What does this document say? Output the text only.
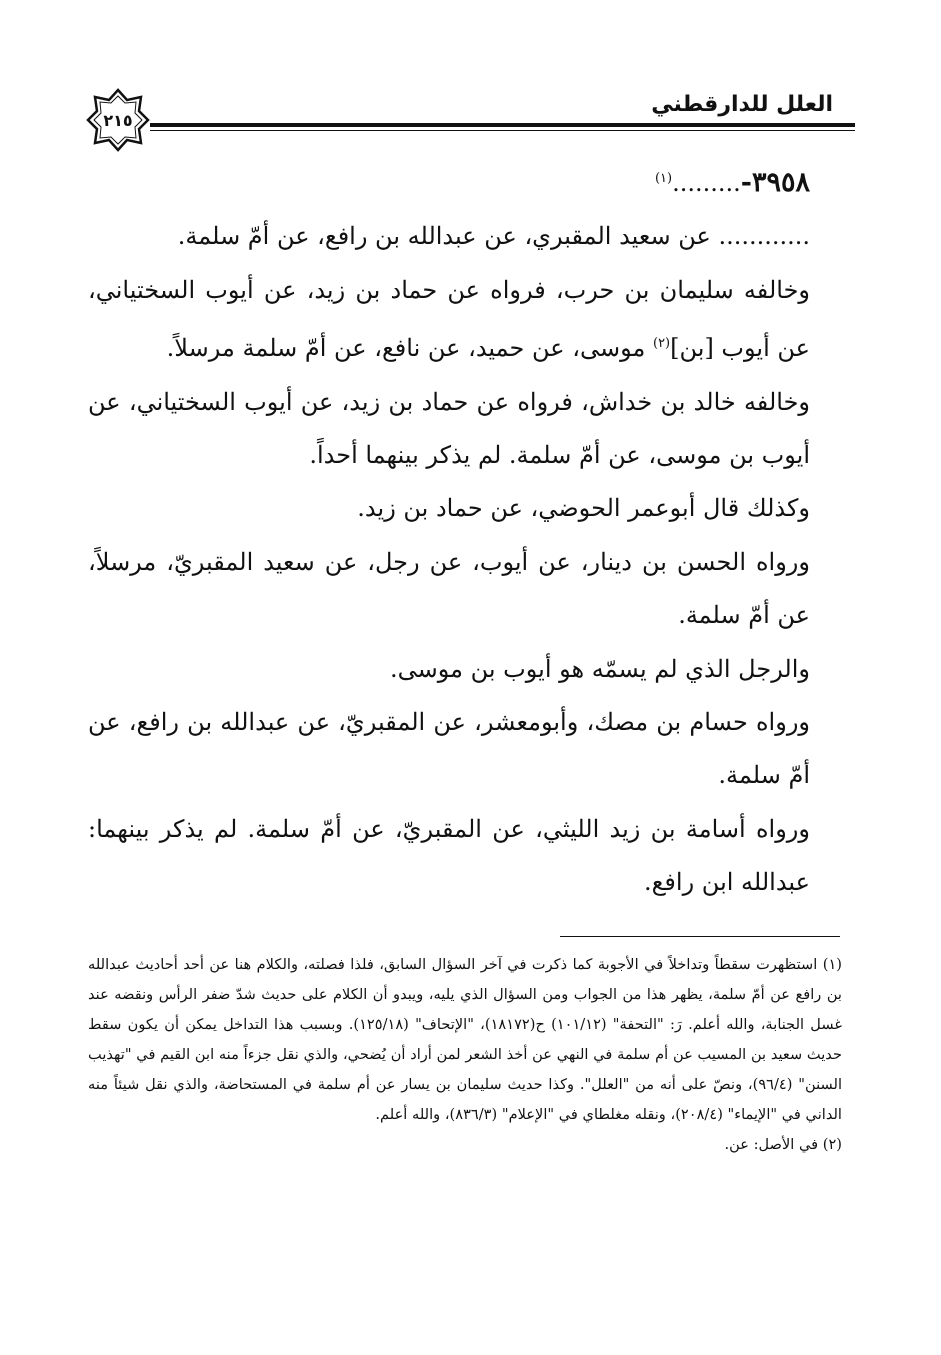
العلل للدارقطني
٢١٥

٣٩٥٨-.........$^{(١)}$

............ عن سعيد المقبري، عن عبدالله بن رافع، عن أمّ سلمة.

وخالفه سليمان بن حرب، فرواه عن حماد بن زيد، عن أيوب السختياني، عن أيوب [بن]$^{(٢)}$ موسى، عن حميد، عن نافع، عن أمّ سلمة مرسلاً.

وخالفه خالد بن خداش، فرواه عن حماد بن زيد، عن أيوب السختياني، عن أيوب بن موسى، عن أمّ سلمة. لم يذكر بينهما أحداً.

وكذلك قال أبوعمر الحوضي، عن حماد بن زيد.

ورواه الحسن بن دينار، عن أيوب، عن رجل، عن سعيد المقبريّ، مرسلاً، عن أمّ سلمة.

والرجل الذي لم يسمّه هو أيوب بن موسى.

ورواه حسام بن مصك، وأبومعشر، عن المقبريّ، عن عبدالله بن رافع، عن أمّ سلمة.

ورواه أسامة بن زيد الليثي، عن المقبريّ، عن أمّ سلمة. لم يذكر بينهما: عبدالله ابن رافع.

(١) استظهرت سقطاً وتداخلاً في الأجوبة كما ذكرت في آخر السؤال السابق، فلذا فصلته، والكلام هنا عن أحد أحاديث عبدالله بن رافع عن أمّ سلمة، يظهر هذا من الجواب ومن السؤال الذي يليه، ويبدو أن الكلام على حديث شدّ ضفر الرأس ونقضه عند غسل الجنابة، والله أعلم. رَ: "التحفة" (١٠١/١٢) ح(١٨١٧٢)، "الإتحاف" (١٢٥/١٨). وبسبب هذا التداخل يمكن أن يكون سقط حديث سعيد بن المسيب عن أم سلمة في النهي عن أخذ الشعر لمن أراد أن يُضحي، والذي نقل جزءاً منه ابن القيم في "تهذيب السنن" (٩٦/٤)، ونصّ على أنه من "العلل". وكذا حديث سليمان بن يسار عن أم سلمة في المستحاضة، والذي نقل شيئاً منه الداني في "الإيماء" (٢٠٨/٤)، ونقله مغلطاي في "الإعلام" (٨٣٦/٣)، والله أعلم.

(٢) في الأصل: عن.
